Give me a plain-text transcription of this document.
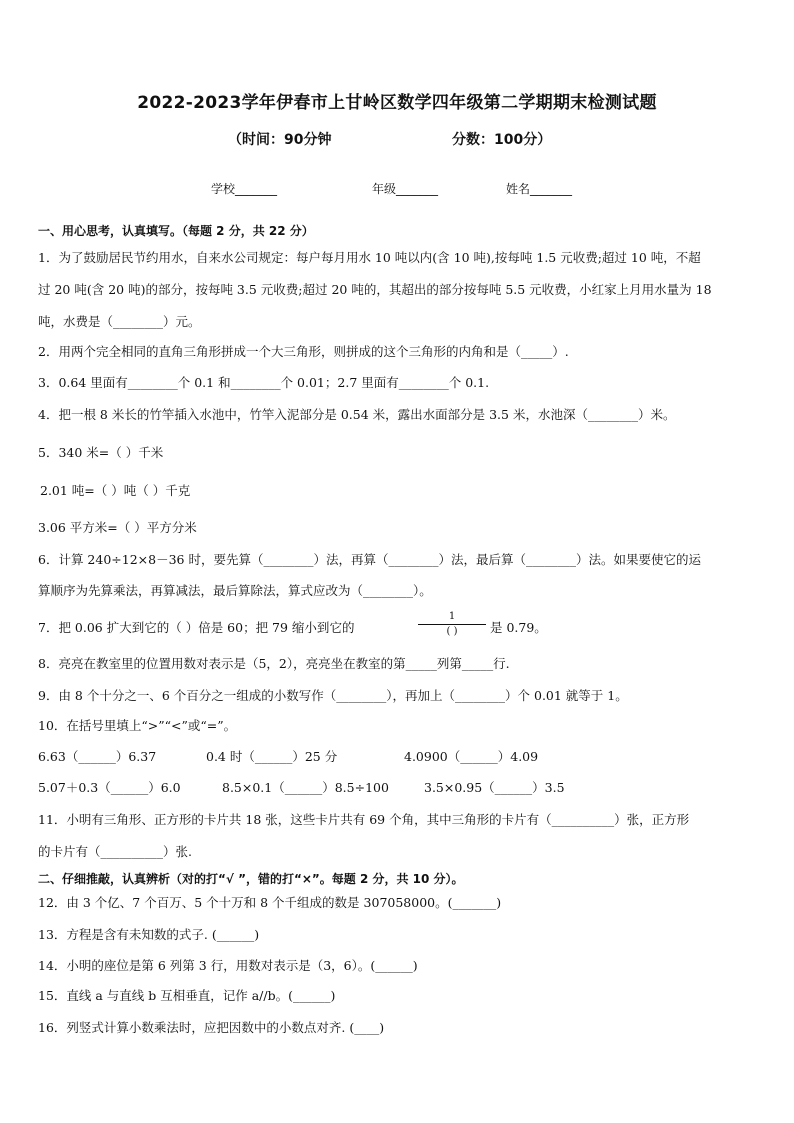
2022-2023学年伊春市上甘岭区数学四年级第二学期期末检测试题
（时间：90分钟	分数：100分）
学校_______	年级_______	姓名_______
一、用心思考，认真填写。（每题 2 分，共 22 分）
1．为了鼓励居民节约用水，自来水公司规定：每户每月用水 10 吨以内(含 10 吨),按每吨 1.5 元收费;超过 10 吨，不超
过 20 吨(含 20 吨)的部分，按每吨 3.5 元收费;超过 20 吨的，其超出的部分按每吨 5.5 元收费，小红家上月用水量为 18
吨，水费是（________）元。
2．用两个完全相同的直角三角形拼成一个大三角形，则拼成的这个三角形的内角和是（_____）.
3．0.64 里面有________个 0.1 和________个 0.01；2.7 里面有________个 0.1.
4．把一根 8 米长的竹竿插入水池中，竹竿入泥部分是 0.54 米，露出水面部分是 3.5 米，水池深（________）米。
5．340 米=（ ）千米
2.01 吨=（ ）吨（ ）千克
3.06 平方米=（ ）平方分米
6．计算 240÷12×8－36 时，要先算（________）法，再算（________）法，最后算（________）法。如果要使它的运
算顺序为先算乘法，再算减法，最后算除法，算式应改为（________）。
7．把 0.06 扩大到它的（ ）倍是 60；把 79 缩小到它的
1
( )	是 0.79。
8．亮亮在教室里的位置用数对表示是（5，2），亮亮坐在教室的第_____列第_____行.
9．由 8 个十分之一、6 个百分之一组成的小数写作（________），再加上（________）个 0.01 就等于 1。
10．在括号里填上“>”“<”或“=”。
6.63（______）6.37	0.4 时（______）25 分	4.0900（______）4.09
5.07＋0.3（______）6.0	8.5×0.1（______）8.5÷100	3.5×0.95（______）3.5
11．小明有三角形、正方形的卡片共 18 张，这些卡片共有 69 个角，其中三角形的卡片有（__________）张，正方形
的卡片有（__________）张.
二、仔细推敲，认真辨析（对的打“√ ”，错的打“×”。每题 2 分，共 10 分）。
12．由 3 个亿、7 个百万、5 个十万和 8 个千组成的数是 307058000。(_______)
13．方程是含有未知数的式子. (______)
14．小明的座位是第 6 列第 3 行，用数对表示是（3，6）。(______)
15．直线 a 与直线 b 互相垂直，记作 a//b。(______)
16．列竖式计算小数乘法时，应把因数中的小数点对齐. (____)
